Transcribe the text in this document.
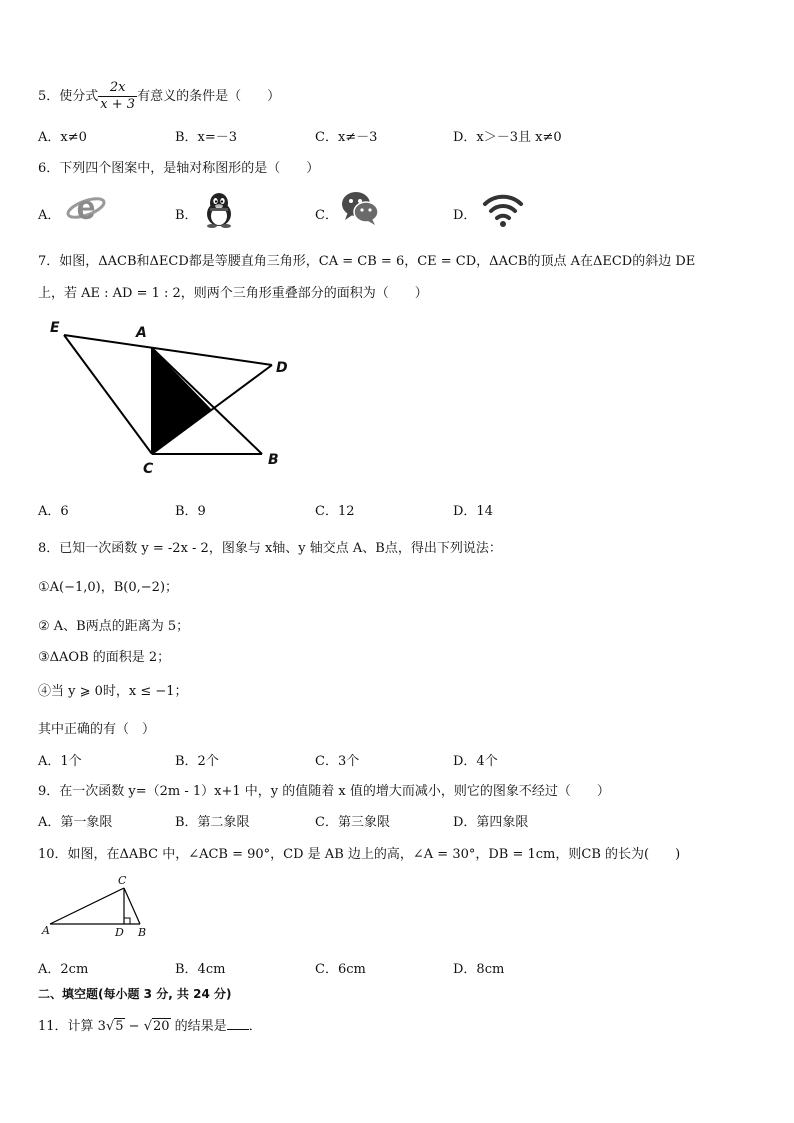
5．使分式 $\frac{2x}{x + 3}$ 有意义的条件是（　　）
A．x≠0	B．x=－3	C．x≠－3	D．x＞－3且 x≠0
6．下列四个图案中，是轴对称图形的是（　　）
A． e	B．	C．	D．
7．如图，ΔACB和ΔECD都是等腰直角三角形，CA = CB = 6，CE = CD，ΔACB的顶点 A在ΔECD的斜边 DE
上，若 AE : AD = 1 : 2，则两个三角形重叠部分的面积为（　　）
E	A
D
C
B
A．6	B．9	C．12	D．14
8．已知一次函数 y = -2x - 2，图象与 x轴、y 轴交点 A、B点，得出下列说法：
①A(−1,0)，B(0,−2)；
② A、B两点的距离为 5；
③ΔAOB 的面积是 2；
④当 y ⩾ 0时，x ≤ −1；
其中正确的有（　）
A．1个	B．2个	C．3个	D．4个
9．在一次函数 y=（2m - 1）x+1 中，y 的值随着 x 值的增大而减小，则它的图象不经过（　　）
A．第一象限	B．第二象限	C．第三象限	D．第四象限
10．如图，在ΔABC 中，∠ACB = 90°，CD 是 AB 边上的高，∠A = 30°，DB = 1cm，则CB 的长为(　　)
C
A	D B
A．2cm	B．4cm	C．6cm	D．8cm
二、填空题(每小题 3 分, 共 24 分)
11．计算 3√5 − √20 的结果是 ．
